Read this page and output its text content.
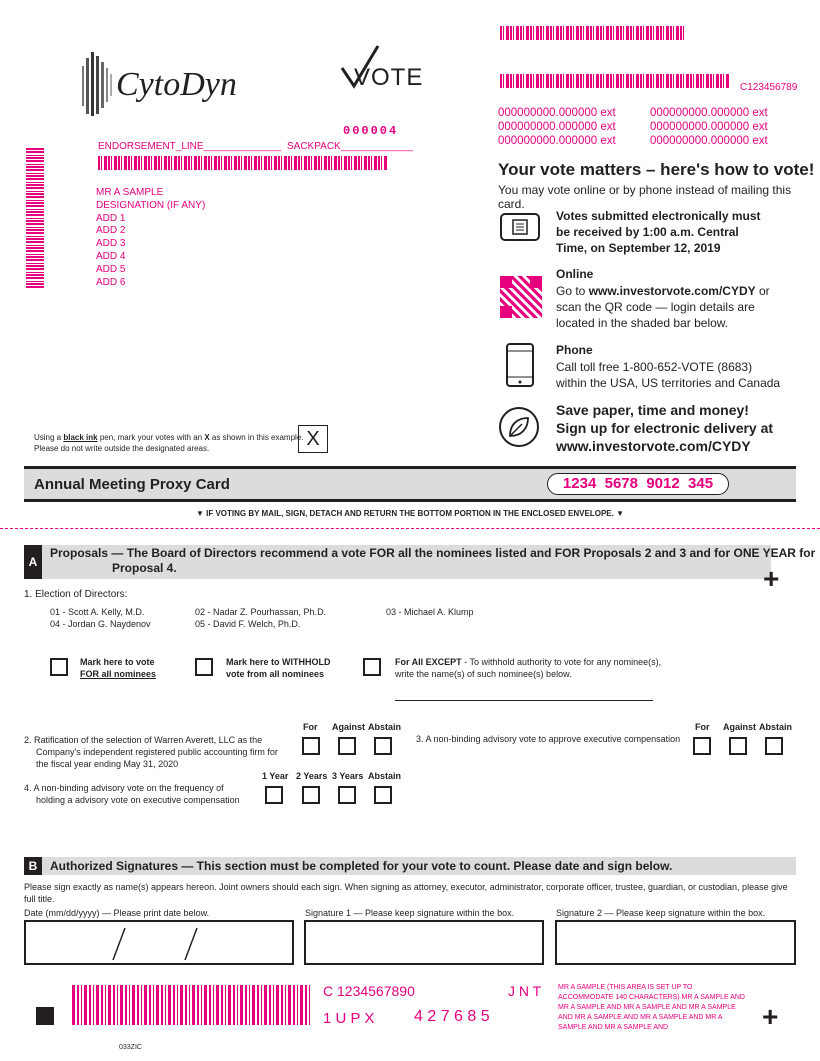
CytoDyn	VOTE
000004
ENDORSEMENT_LINE______________  SACKPACK_____________
MR A SAMPLE
DESIGNATION (IF ANY)
ADD 1
ADD 2
ADD 3
ADD 4
ADD 5
ADD 6
C123456789
000000000.000000 ext	000000000.000000 ext
000000000.000000 ext	000000000.000000 ext
000000000.000000 ext	000000000.000000 ext
Your vote matters – here's how to vote!
You may vote online or by phone instead of mailing this card.
Votes submitted electronically must be received by 1:00 a.m. Central Time, on September 12, 2019
Online
Go to www.investorvote.com/CYDY or scan the QR code — login details are located in the shaded bar below.
Phone
Call toll free 1-800-652-VOTE (8683) within the USA, US territories and Canada
Save paper, time and money!
Sign up for electronic delivery at
www.investorvote.com/CYDY
Using a black ink pen, mark your votes with an X as shown in this example.
Please do not write outside the designated areas.	X
Annual Meeting Proxy Card	1234  5678  9012  345
▼ IF VOTING BY MAIL, SIGN, DETACH AND RETURN THE BOTTOM PORTION IN THE ENCLOSED ENVELOPE. ▼
A
Proposals — The Board of Directors recommend a vote FOR all the nominees listed and FOR Proposals 2 and 3 and for ONE YEAR for
Proposal 4.	+
1. Election of Directors:
01 - Scott A. Kelly, M.D.	02 - Nadar Z. Pourhassan, Ph.D.	03 - Michael A. Klump
04 - Jordan G. Naydenov	05 - David F. Welch, Ph.D.
Mark here to vote
FOR all nominees
Mark here to WITHHOLD
vote from all nominees
For All EXCEPT - To withhold authority to vote for any nominee(s),
write the name(s) of such nominee(s) below.
For Against Abstain
2. Ratification of the selection of Warren Averett, LLC as the
Company's independent registered public accounting firm for
the fiscal year ending May 31, 2020
3. A non-binding advisory vote to approve executive compensation
For Against Abstain
1 Year 2 Years 3 Years Abstain
4. A non-binding advisory vote on the frequency of
holding a advisory vote on executive compensation
B	Authorized Signatures — This section must be completed for your vote to count. Please date and sign below.
Please sign exactly as name(s) appears hereon. Joint owners should each sign. When signing as attorney, executor, administrator, corporate officer, trustee, guardian, or custodian, please give full title.
Date (mm/dd/yyyy) — Please print date below.	Signature 1 — Please keep signature within the box.	Signature 2 — Please keep signature within the box.
C 1234567890	J N T
1 U P X 4 2 7 6 8 5
MR A SAMPLE (THIS AREA IS SET UP TO ACCOMMODATE 140 CHARACTERS) MR A SAMPLE AND MR A SAMPLE AND MR A SAMPLE AND MR A SAMPLE AND MR A SAMPLE AND MR A SAMPLE AND MR A SAMPLE AND MR A SAMPLE AND	+
033ZIC
